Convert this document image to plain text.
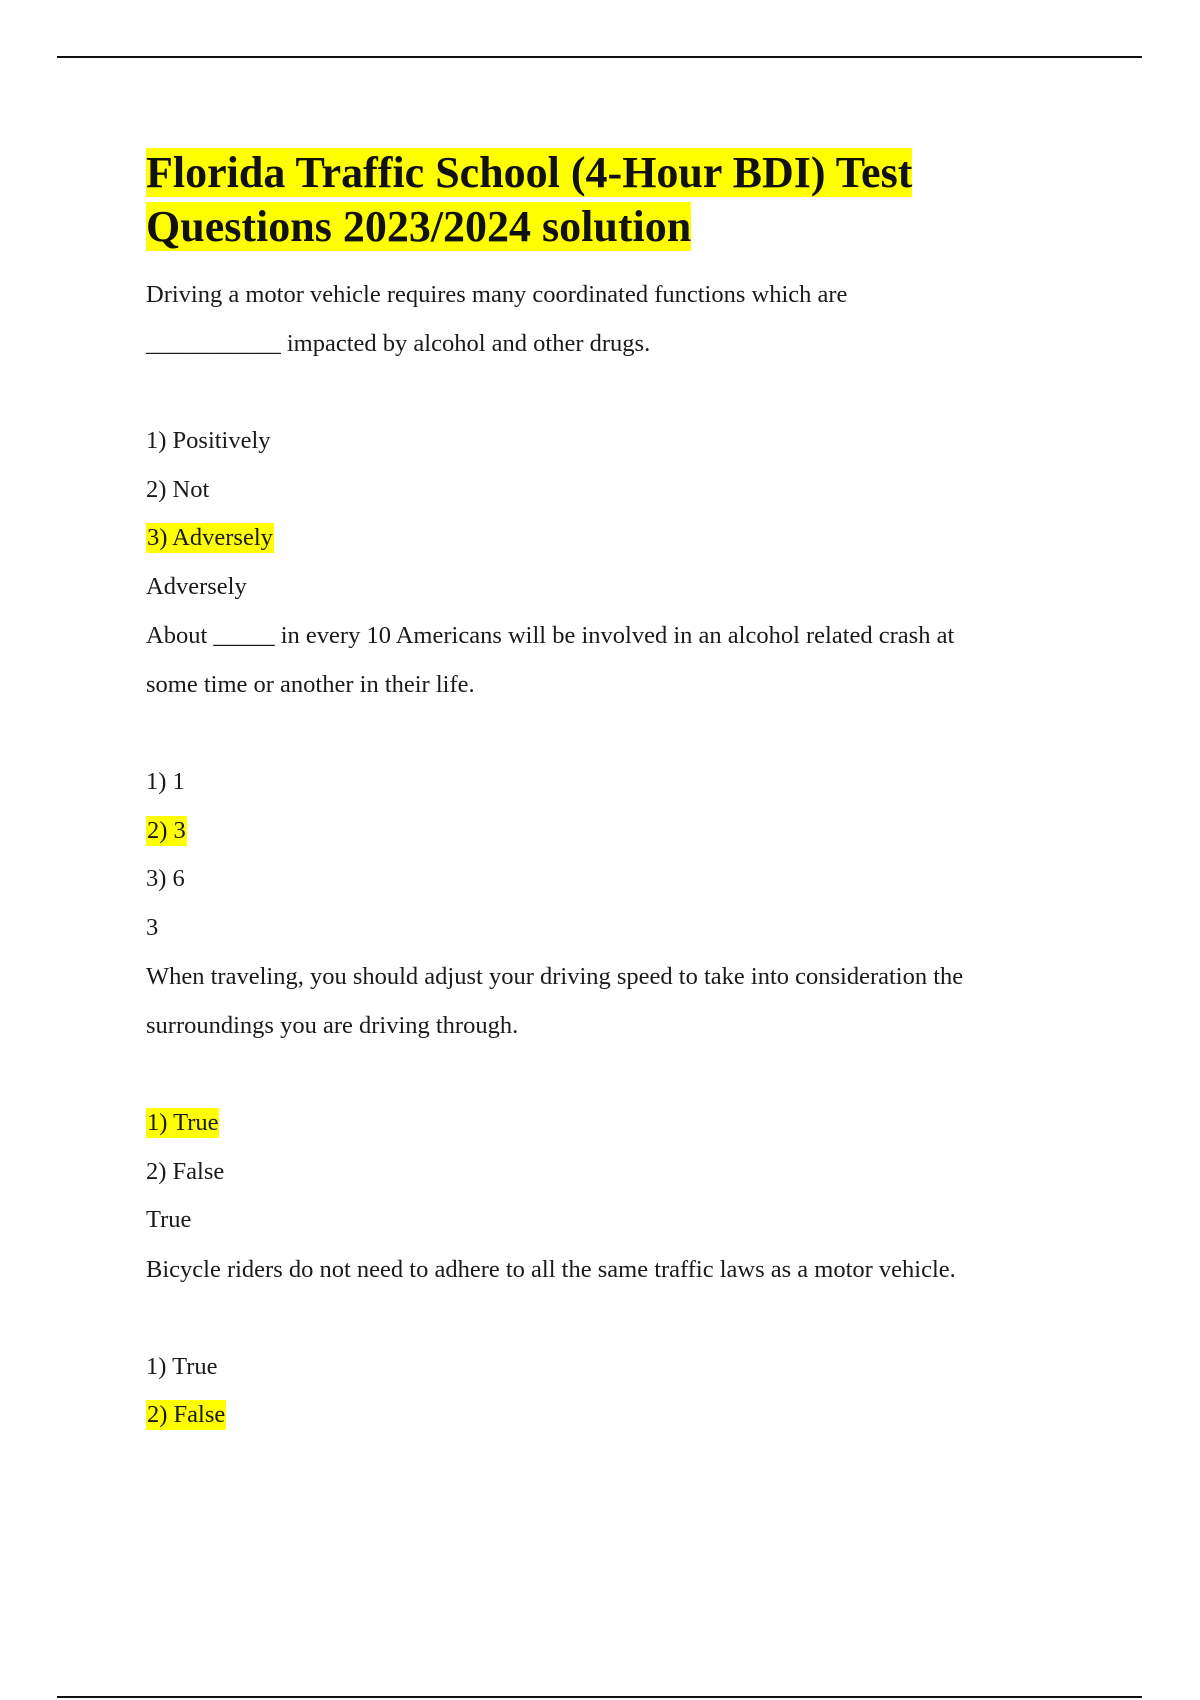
Florida Traffic School (4-Hour BDI) Test
Questions 2023/2024 solution

Driving a motor vehicle requires many coordinated functions which are
___________ impacted by alcohol and other drugs.

1) Positively

2) Not

3) Adversely

Adversely

About _____ in every 10 Americans will be involved in an alcohol related crash at
some time or another in their life.

1) 1

2) 3

3) 6

3

When traveling, you should adjust your driving speed to take into consideration the
surroundings you are driving through.

1) True

2) False

True

Bicycle riders do not need to adhere to all the same traffic laws as a motor vehicle.

1) True

2) False
